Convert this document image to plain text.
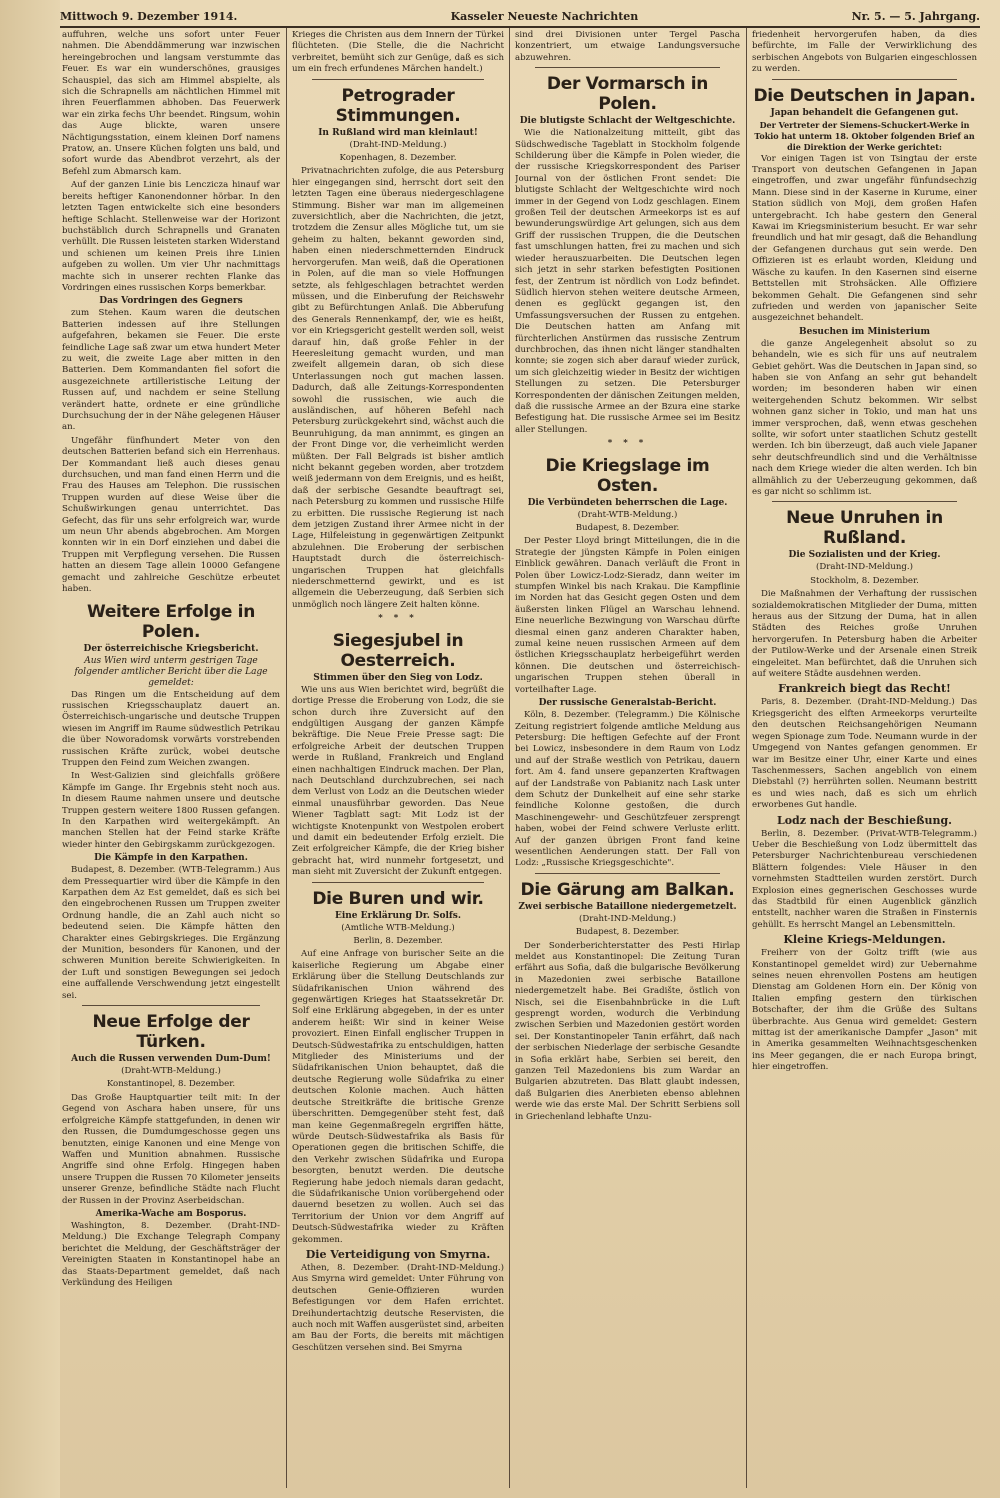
Mittwoch 9. Dezember 1914.	Kasseler Neueste Nachrichten	Nr. 5. — 5. Jahrgang.

auffuhren, welche uns sofort unter Feuer nahmen. Die Abenddämmerung war inzwischen hereingebrochen und langsam verstummte das Feuer. Es war ein wunderschönes, grausiges Schauspiel, das sich am Himmel abspielte, als sich die Schrapnells am nächtlichen Himmel mit ihren Feuerflammen abhoben. Das Feuerwerk war ein zirka fechs Uhr beendet. Ringsum, wohin das Auge blickte, waren unsere Nächtigungsstation, einem kleinen Dorf namens Pratow, an. Unsere Küchen folgten uns bald, und sofort wurde das Abendbrot verzehrt, als der Befehl zum Abmarsch kam.

Auf der ganzen Linie bis Lenczicza hinauf war bereits heftiger Kanonendonner hörbar. In den letzten Tagen entwickelte sich eine besonders heftige Schlacht. Stellenweise war der Horizont buchstäblich durch Schrapnells und Granaten verhüllt. Die Russen leisteten starken Widerstand und schienen um keinen Preis ihre Linien aufgeben zu wollen. Um vier Uhr nachmittags machte sich in unserer rechten Flanke das Vordringen eines russischen Korps bemerkbar.

Das Vordringen des Gegners

zum Stehen. Kaum waren die deutschen Batterien indessen auf ihre Stellungen aufgefahren, bekamen sie Feuer. Die erste feindliche Lage saß zwar um etwa hundert Meter zu weit, die zweite Lage aber mitten in den Batterien. Dem Kommandanten fiel sofort die ausgezeichnete artilleristische Leitung der Russen auf, und nachdem er seine Stellung verändert hatte, ordnete er eine gründliche Durchsuchung der in der Nähe gelegenen Häuser an.

Ungefähr fünfhundert Meter von den deutschen Batterien befand sich ein Herrenhaus. Der Kommandant ließ auch dieses genau durchsuchen, und man fand einen Herrn und die Frau des Hauses am Telephon. Die russischen Truppen wurden auf diese Weise über die Schußwirkungen genau unterrichtet. Das Gefecht, das für uns sehr erfolgreich war, wurde um neun Uhr abends abgebrochen. Am Morgen konnten wir in ein Dorf einziehen und dabei die Truppen mit Verpflegung versehen. Die Russen hatten an diesem Tage allein 10000 Gefangene gemacht und zahlreiche Geschütze erbeutet haben.

Weitere Erfolge in Polen.
Der österreichische Kriegsbericht.
Aus Wien wird unterm gestrigen Tage folgender amtlicher Bericht über die Lage gemeldet:

Das Ringen um die Entscheidung auf dem russischen Kriegsschauplatz dauert an. Österreichisch-ungarische und deutsche Truppen wiesen im Angriff im Raume südwestlich Petrikau die über Noworadomsk vorwärts vorstrebenden russischen Kräfte zurück, wobei deutsche Truppen den Feind zum Weichen zwangen.

In West-Galizien sind gleichfalls größere Kämpfe im Gange. Ihr Ergebnis steht noch aus. In diesem Raume nahmen unsere und deutsche Truppen gestern weitere 1800 Russen gefangen. In den Karpathen wird weitergekämpft. An manchen Stellen hat der Feind starke Kräfte wieder hinter den Gebirgskamm zurückgezogen.

Die Kämpfe in den Karpathen.

Budapest, 8. Dezember. (WTB-Telegramm.) Aus dem Pressequartier wird über die Kämpfe in den Karpathen dem Az Est gemeldet, daß es sich bei den eingebrochenen Russen um Truppen zweiter Ordnung handle, die an Zahl auch nicht so bedeutend seien. Die Kämpfe hätten den Charakter eines Gebirgskrieges. Die Ergänzung der Munition, besonders für Kanonen, und der schweren Munition bereite Schwierigkeiten. In der Luft und sonstigen Bewegungen sei jedoch eine auffallende Verschwendung jetzt eingestellt sei.

Neue Erfolge der Türken.
Auch die Russen verwenden Dum-Dum!
(Draht-WTB-Meldung.)
Konstantinopel, 8. Dezember.

Das Große Hauptquartier teilt mit: In der Gegend von Aschara haben unsere, für uns erfolgreiche Kämpfe stattgefunden, in denen wir den Russen, die Dumdumgeschosse gegen uns benutzten, einige Kanonen und eine Menge von Waffen und Munition abnahmen. Russische Angriffe sind ohne Erfolg. Hingegen haben unsere Truppen die Russen 70 Kilometer jenseits unserer Grenze, befindliche Städte nach Flucht der Russen in der Provinz Aserbeidschan.

Amerika-Wache am Bosporus.

Washington, 8. Dezember. (Draht-IND-Meldung.) Die Exchange Telegraph Company berichtet die Meldung, der Geschäftsträger der Vereinigten Staaten in Konstantinopel habe an das Staats-Department gemeldet, daß nach Verkündung des Heiligen

Krieges die Christen aus dem Innern der Türkei flüchteten. (Die Stelle, die die Nachricht verbreitet, bemüht sich zur Genüge, daß es sich um ein frech erfundenes Märchen handelt.)

Petrograder Stimmungen.
In Rußland wird man kleinlaut!
(Draht-IND-Meldung.)
Kopenhagen, 8. Dezember.

Privatnachrichten zufolge, die aus Petersburg hier eingegangen sind, herrscht dort seit den letzten Tagen eine überaus niedergeschlagene Stimmung. Bisher war man im allgemeinen zuversichtlich, aber die Nachrichten, die jetzt, trotzdem die Zensur alles Mögliche tut, um sie geheim zu halten, bekannt geworden sind, haben einen niederschmetternden Eindruck hervorgerufen. Man weiß, daß die Operationen in Polen, auf die man so viele Hoffnungen setzte, als fehlgeschlagen betrachtet werden müssen, und die Einberufung der Reichswehr gibt zu Befürchtungen Anlaß. Die Abberufung des Generals Rennenkampf, der, wie es heißt, vor ein Kriegsgericht gestellt werden soll, weist darauf hin, daß große Fehler in der Heeresleitung gemacht wurden, und man zweifelt allgemein daran, ob sich diese Unterlassungen noch gut machen lassen. Dadurch, daß alle Zeitungs-Korrespondenten sowohl die russischen, wie auch die ausländischen, auf höheren Befehl nach Petersburg zurückgekehrt sind, wächst auch die Beunruhigung, da man annimmt, es gingen an der Front Dinge vor, die verheimlicht werden müßten. Der Fall Belgrads ist bisher amtlich nicht bekannt gegeben worden, aber trotzdem weiß jedermann von dem Ereignis, und es heißt, daß der serbische Gesandte beauftragt sei, nach Petersburg zu kommen und russische Hilfe zu erbitten. Die russische Regierung ist nach dem jetzigen Zustand ihrer Armee nicht in der Lage, Hilfeleistung in gegenwärtigen Zeitpunkt abzulehnen. Die Eroberung der serbischen Hauptstadt durch die österreichisch-ungarischen Truppen hat gleichfalls niederschmetternd gewirkt, und es ist allgemein die Ueberzeugung, daß Serbien sich unmöglich noch längere Zeit halten könne.

* * *
Siegesjubel in Oesterreich.
Stimmen über den Sieg von Lodz.

Wie uns aus Wien berichtet wird, begrüßt die dortige Presse die Eroberung von Lodz, die sie schon durch ihre Zuversicht auf den endgültigen Ausgang der ganzen Kämpfe bekräftige. Die Neue Freie Presse sagt: Die erfolgreiche Arbeit der deutschen Truppen werde in Rußland, Frankreich und England einen nachhaltigen Eindruck machen. Der Plan, nach Deutschland durchzubrechen, sei nach dem Verlust von Lodz an die Deutschen wieder einmal unausführbar geworden. Das Neue Wiener Tagblatt sagt: Mit Lodz ist der wichtigste Knotenpunkt von Westpolen erobert und damit ein bedeutender Erfolg erzielt. Die Zeit erfolgreicher Kämpfe, die der Krieg bisher gebracht hat, wird nunmehr fortgesetzt, und man sieht mit Zuversicht der Zukunft entgegen.

Die Buren und wir.
Eine Erklärung Dr. Solfs.
(Amtliche WTB-Meldung.)
Berlin, 8. Dezember.

Auf eine Anfrage von burischer Seite an die kaiserliche Regierung um Abgabe einer Erklärung über die Stellung Deutschlands zur Südafrikanischen Union während des gegenwärtigen Krieges hat Staatssekretär Dr. Solf eine Erklärung abgegeben, in der es unter anderem heißt: Wir sind in keiner Weise provoziert. Einen Einfall englischer Truppen in Deutsch-Südwestafrika zu entschuldigen, hatten Mitglieder des Ministeriums und der Südafrikanischen Union behauptet, daß die deutsche Regierung wolle Südafrika zu einer deutschen Kolonie machen. Auch hätten deutsche Streitkräfte die britische Grenze überschritten. Demgegenüber steht fest, daß man keine Gegenmaßregeln ergriffen hätte, würde Deutsch-Südwestafrika als Basis für Operationen gegen die britischen Schiffe, die den Verkehr zwischen Südafrika und Europa besorgten, benutzt werden. Die deutsche Regierung habe jedoch niemals daran gedacht, die Südafrikanische Union vorübergehend oder dauernd besetzen zu wollen. Auch sei das Territorium der Union vor dem Angriff auf Deutsch-Südwestafrika wieder zu Kräften gekommen.

Die Verteidigung von Smyrna.

Athen, 8. Dezember. (Draht-IND-Meldung.) Aus Smyrna wird gemeldet: Unter Führung von deutschen Genie-Offizieren wurden Befestigungen vor dem Hafen errichtet. Dreihundertachtzig deutsche Reservisten, die auch noch mit Waffen ausgerüstet sind, arbeiten am Bau der Forts, die bereits mit mächtigen Geschützen versehen sind. Bei Smyrna

sind drei Divisionen unter Tergel Pascha konzentriert, um etwaige Landungsversuche abzuwehren.

Der Vormarsch in Polen.
Die blutigste Schlacht der Weltgeschichte.

Wie die Nationalzeitung mitteilt, gibt das Südschwedische Tageblatt in Stockholm folgende Schilderung über die Kämpfe in Polen wieder, die der russische Kriegskorrespondent des Pariser Journal von der östlichen Front sendet: Die blutigste Schlacht der Weltgeschichte wird noch immer in der Gegend von Lodz geschlagen. Einem großen Teil der deutschen Armeekorps ist es auf bewunderungswürdige Art gelungen, sich aus dem Griff der russischen Truppen, die die Deutschen fast umschlungen hatten, frei zu machen und sich wieder herauszuarbeiten. Die Deutschen legen sich jetzt in sehr starken befestigten Positionen fest, der Zentrum ist nördlich von Lodz befindet. Südlich hiervon stehen weitere deutsche Armeen, denen es geglückt gegangen ist, den Umfassungsversuchen der Russen zu entgehen. Die Deutschen hatten am Anfang mit fürchterlichen Anstürmen das russische Zentrum durchbrochen, das ihnen nicht länger standhalten konnte; sie zogen sich aber darauf wieder zurück, um sich gleichzeitig wieder in Besitz der wichtigen Stellungen zu setzen. Die Petersburger Korrespondenten der dänischen Zeitungen melden, daß die russische Armee an der Bzura eine starke Befestigung hat. Die russische Armee sei im Besitz aller Stellungen.

* * *
Die Kriegslage im Osten.
Die Verbündeten beherrschen die Lage.
(Draht-WTB-Meldung.)
Budapest, 8. Dezember.

Der Pester Lloyd bringt Mitteilungen, die in die Strategie der jüngsten Kämpfe in Polen einigen Einblick gewähren. Danach verläuft die Front in Polen über Lowicz-Lodz-Sieradz, dann weiter im stumpfen Winkel bis nach Krakau. Die Kampflinie im Norden hat das Gesicht gegen Osten und dem äußersten linken Flügel an Warschau lehnend. Eine neuerliche Bezwingung von Warschau dürfte diesmal einen ganz anderen Charakter haben, zumal keine neuen russischen Armeen auf dem östlichen Kriegsschauplatz herbeigeführt werden können. Die deutschen und österreichisch-ungarischen Truppen stehen überall in vorteilhafter Lage.

Der russische Generalstab-Bericht.

Köln, 8. Dezember. (Telegramm.) Die Kölnische Zeitung registriert folgende amtliche Meldung aus Petersburg: Die heftigen Gefechte auf der Front bei Lowicz, insbesondere in dem Raum von Lodz und auf der Straße westlich von Petrikau, dauern fort. Am 4. fand unsere gepanzerten Kraftwagen auf der Landstraße von Pabianitz nach Lask unter dem Schutz der Dunkelheit auf eine sehr starke feindliche Kolonne gestoßen, die durch Maschinengewehr- und Geschützfeuer zersprengt haben, wobei der Feind schwere Verluste erlitt. Auf der ganzen übrigen Front fand keine wesentlichen Aenderungen statt. Der Fall von Lodz: „Russische Kriegsgeschichte".

Die Gärung am Balkan.
Zwei serbische Bataillone niedergemetzelt.
(Draht-IND-Meldung.)
Budapest, 8. Dezember.

Der Sonderberichterstatter des Pesti Hirlap meldet aus Konstantinopel: Die Zeitung Turan erfährt aus Sofia, daß die bulgarische Bevölkerung in Mazedonien zwei serbische Bataillone niedergemetzelt habe. Bei Gradište, östlich von Nisch, sei die Eisenbahnbrücke in die Luft gesprengt worden, wodurch die Verbindung zwischen Serbien und Mazedonien gestört worden sei. Der Konstantinopeler Tanin erfährt, daß nach der serbischen Niederlage der serbische Gesandte in Sofia erklärt habe, Serbien sei bereit, den ganzen Teil Mazedoniens bis zum Wardar an Bulgarien abzutreten. Das Blatt glaubt indessen, daß Bulgarien dies Anerbieten ebenso ablehnen werde wie das erste Mal. Der Schritt Serbiens soll in Griechenland lebhafte Unzu-

friedenheit hervorgerufen haben, da dies befürchte, im Falle der Verwirklichung des serbischen Angebots von Bulgarien eingeschlossen zu werden.

Die Deutschen in Japan.
Japan behandelt die Gefangenen gut.
Der Vertreter der Siemens-Schuckert-Werke in Tokio hat unterm 18. Oktober folgenden Brief an die Direktion der Werke gerichtet:

Vor einigen Tagen ist von Tsingtau der erste Transport von deutschen Gefangenen in Japan eingetroffen, und zwar ungefähr fünfundsechzig Mann. Diese sind in der Kaserne in Kurume, einer Station südlich von Moji, dem großen Hafen untergebracht. Ich habe gestern den General Kawai im Kriegsministerium besucht. Er war sehr freundlich und hat mir gesagt, daß die Behandlung der Gefangenen durchaus gut sein werde. Den Offizieren ist es erlaubt worden, Kleidung und Wäsche zu kaufen. In den Kasernen sind eiserne Bettstellen mit Strohsäcken. Alle Offiziere bekommen Gehalt. Die Gefangenen sind sehr zufrieden und werden von japanischer Seite ausgezeichnet behandelt.

Besuchen im Ministerium

die ganze Angelegenheit absolut so zu behandeln, wie es sich für uns auf neutralem Gebiet gehört. Was die Deutschen in Japan sind, so haben sie von Anfang an sehr gut behandelt worden; im besonderen haben wir einen weitergehenden Schutz bekommen. Wir selbst wohnen ganz sicher in Tokio, und man hat uns immer versprochen, daß, wenn etwas geschehen sollte, wir sofort unter staatlichen Schutz gestellt werden. Ich bin überzeugt, daß auch viele Japaner sehr deutschfreundlich sind und die Verhältnisse nach dem Kriege wieder die alten werden. Ich bin allmählich zu der Ueberzeugung gekommen, daß es gar nicht so schlimm ist.

Neue Unruhen in Rußland.
Die Sozialisten und der Krieg.
(Draht-IND-Meldung.)
Stockholm, 8. Dezember.

Die Maßnahmen der Verhaftung der russischen sozialdemokratischen Mitglieder der Duma, mitten heraus aus der Sitzung der Duma, hat in allen Städten des Reiches große Unruhen hervorgerufen. In Petersburg haben die Arbeiter der Putilow-Werke und der Arsenale einen Streik eingeleitet. Man befürchtet, daß die Unruhen sich auf weitere Städte ausdehnen werden.

Frankreich biegt das Recht!

Paris, 8. Dezember. (Draht-IND-Meldung.) Das Kriegsgericht des elften Armeekorps verurteilte den deutschen Reichsangehörigen Neumann wegen Spionage zum Tode. Neumann wurde in der Umgegend von Nantes gefangen genommen. Er war im Besitze einer Uhr, einer Karte und eines Taschenmessers, Sachen angeblich von einem Diebstahl (?) herrührten sollen. Neumann bestritt es und wies nach, daß es sich um ehrlich erworbenes Gut handle.

Lodz nach der Beschießung.

Berlin, 8. Dezember. (Privat-WTB-Telegramm.) Ueber die Beschießung von Lodz übermittelt das Petersburger Nachrichtenbureau verschiedenen Blättern folgendes: Viele Häuser in den vornehmsten Stadtteilen wurden zerstört. Durch Explosion eines gegnerischen Geschosses wurde das Stadtbild für einen Augenblick gänzlich entstellt, nachher waren die Straßen in Finsternis gehüllt. Es herrscht Mangel an Lebensmitteln.

Kleine Kriegs-Meldungen.

Freiherr von der Goltz trifft (wie aus Konstantinopel gemeldet wird) zur Uebernahme seines neuen ehrenvollen Postens am heutigen Dienstag am Goldenen Horn ein. Der König von Italien empfing gestern den türkischen Botschafter, der ihm die Grüße des Sultans überbrachte. Aus Genua wird gemeldet: Gestern mittag ist der amerikanische Dampfer „Jason" mit in Amerika gesammelten Weihnachtsgeschenken ins Meer gegangen, die er nach Europa bringt, hier eingetroffen.
